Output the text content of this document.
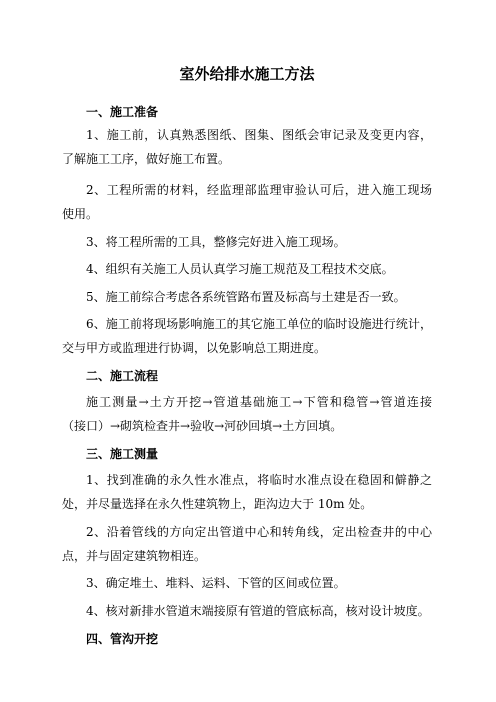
室外给排水施工方法
一、施工准备
1、施工前，认真熟悉图纸、图集、图纸会审记录及变更内容，
了解施工工序，做好施工布置。
2、工程所需的材料，经监理部监理审验认可后，进入施工现场
使用。
3、将工程所需的工具，整修完好进入施工现场。
4、组织有关施工人员认真学习施工规范及工程技术交底。
5、施工前综合考虑各系统管路布置及标高与土建是否一致。
6、施工前将现场影响施工的其它施工单位的临时设施进行统计，
交与甲方或监理进行协调，以免影响总工期进度。
二、施工流程
施工测量→土方开挖→管道基础施工→下管和稳管→管道连接
（接口）→砌筑检查井→验收→河砂回填→土方回填。
三、施工测量
1、找到准确的永久性水准点，将临时水准点设在稳固和僻静之
处，并尽量选择在永久性建筑物上，距沟边大于 10m 处。
2、沿着管线的方向定出管道中心和转角线，定出检查井的中心
点，并与固定建筑物相连。
3、确定堆土、堆料、运料、下管的区间或位置。
4、核对新排水管道末端接原有管道的管底标高，核对设计坡度。
四、管沟开挖
